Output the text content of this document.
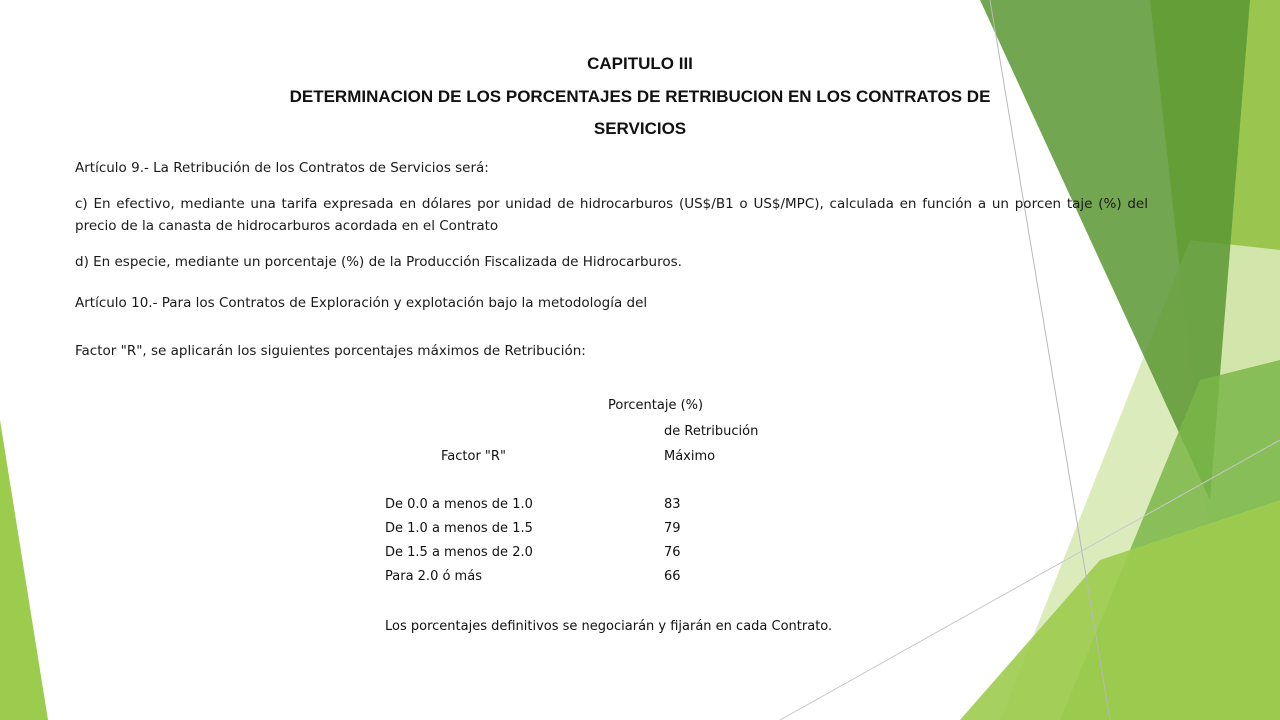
CAPITULO III
DETERMINACION DE LOS PORCENTAJES DE RETRIBUCION EN LOS CONTRATOS DE
SERVICIOS
Artículo 9.- La Retribución de los Contratos de Servicios será:
c) En efectivo, mediante una tarifa expresada en dólares por unidad de hidrocarburos (US$/B1 o US$/MPC), calculada en función a un porcen taje (%) del precio de la canasta de hidrocarburos acordada en el Contrato
d) En especie, mediante un porcentaje (%) de la Producción Fiscalizada de Hidrocarburos.
Artículo 10.- Para los Contratos de Exploración y explotación bajo la metodología del
Factor "R", se aplicarán los siguientes porcentajes máximos de Retribución:
Porcentaje (%)
de Retribución
Factor "R"	Máximo
De 0.0 a menos de 1.0	83
De 1.0 a menos de 1.5	79
De 1.5 a menos de 2.0	76
Para 2.0 ó más	66
Los porcentajes definitivos se negociarán y fijarán en cada Contrato.
